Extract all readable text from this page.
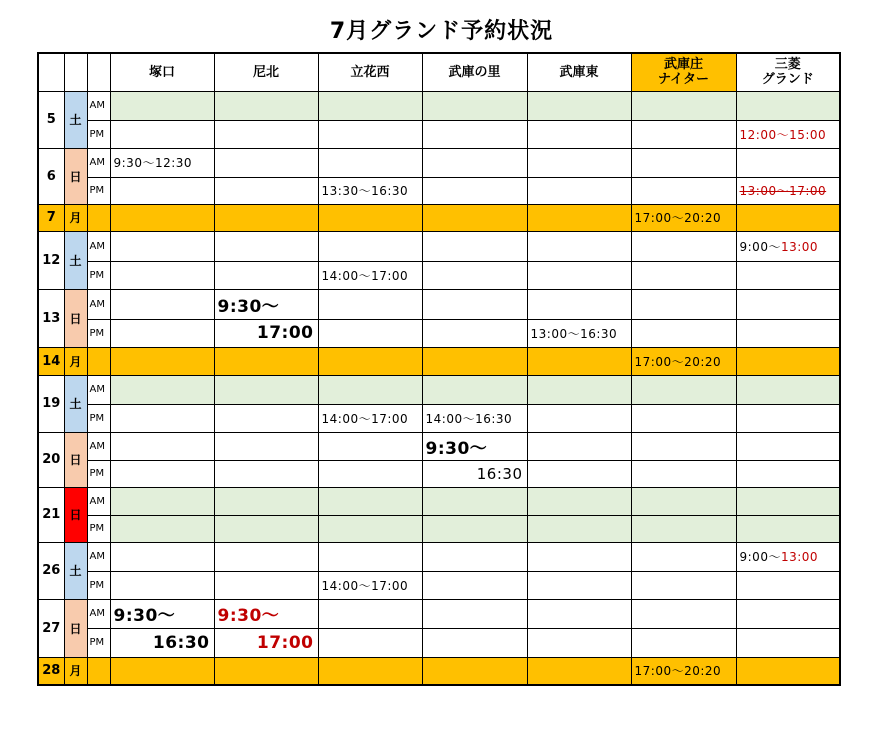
7月グランド予約状況
			塚口	尼北	立花西	武庫の里	武庫東	武庫庄
ナイター	三菱
グランド
5	土	AM							
		PM							12:00～15:00
6	日	AM	9:30～12:30						
		PM			13:30～16:30				13:00～17:00
7	月							17:00～20:20	
12	土	AM							9:00～13:00
		PM			14:00～17:00				
13	日	AM		9:30～					
		PM		17:00			13:00～16:30		
14	月							17:00～20:20	
19	土	AM							
		PM			14:00～17:00	14:00～16:30			
20	日	AM				9:30～			
		PM				16:30			
21	日	AM							
		PM							
26	土	AM							9:00～13:00
		PM			14:00～17:00				
27	日	AM	9:30～	9:30～					
		PM	16:30	17:00					
28	月							17:00～20:20	
